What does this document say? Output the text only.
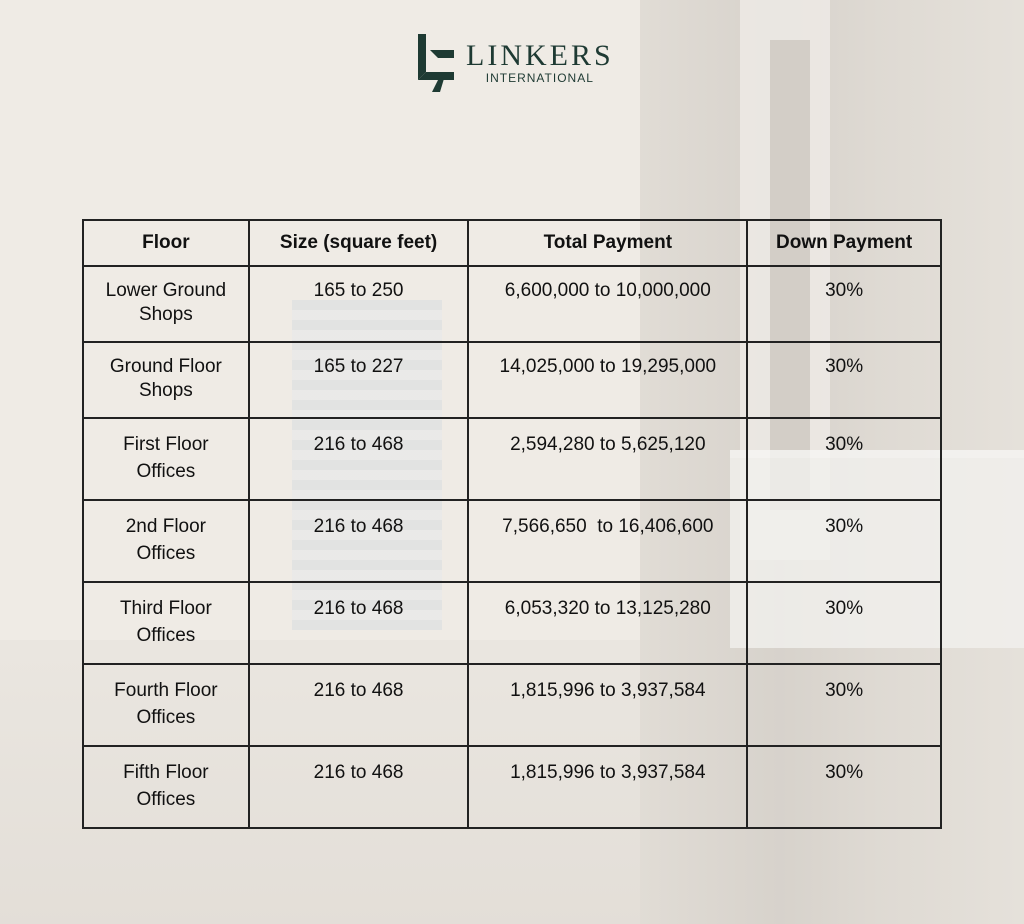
LINKERS
INTERNATIONAL
Floor	Size (square feet)	Total Payment	Down Payment
Lower Ground
Shops	165 to 250	6,600,000 to 10,000,000	30%
Ground Floor
Shops	165 to 227	14,025,000 to 19,295,000	30%
First Floor
Offices	216 to 468	2,594,280 to 5,625,120	30%
2nd Floor
Offices	216 to 468	7,566,650  to 16,406,600	30%
Third Floor
Offices	216 to 468	6,053,320 to 13,125,280	30%
Fourth Floor
Offices	216 to 468	1,815,996 to 3,937,584	30%
Fifth Floor
Offices	216 to 468	1,815,996 to 3,937,584	30%
